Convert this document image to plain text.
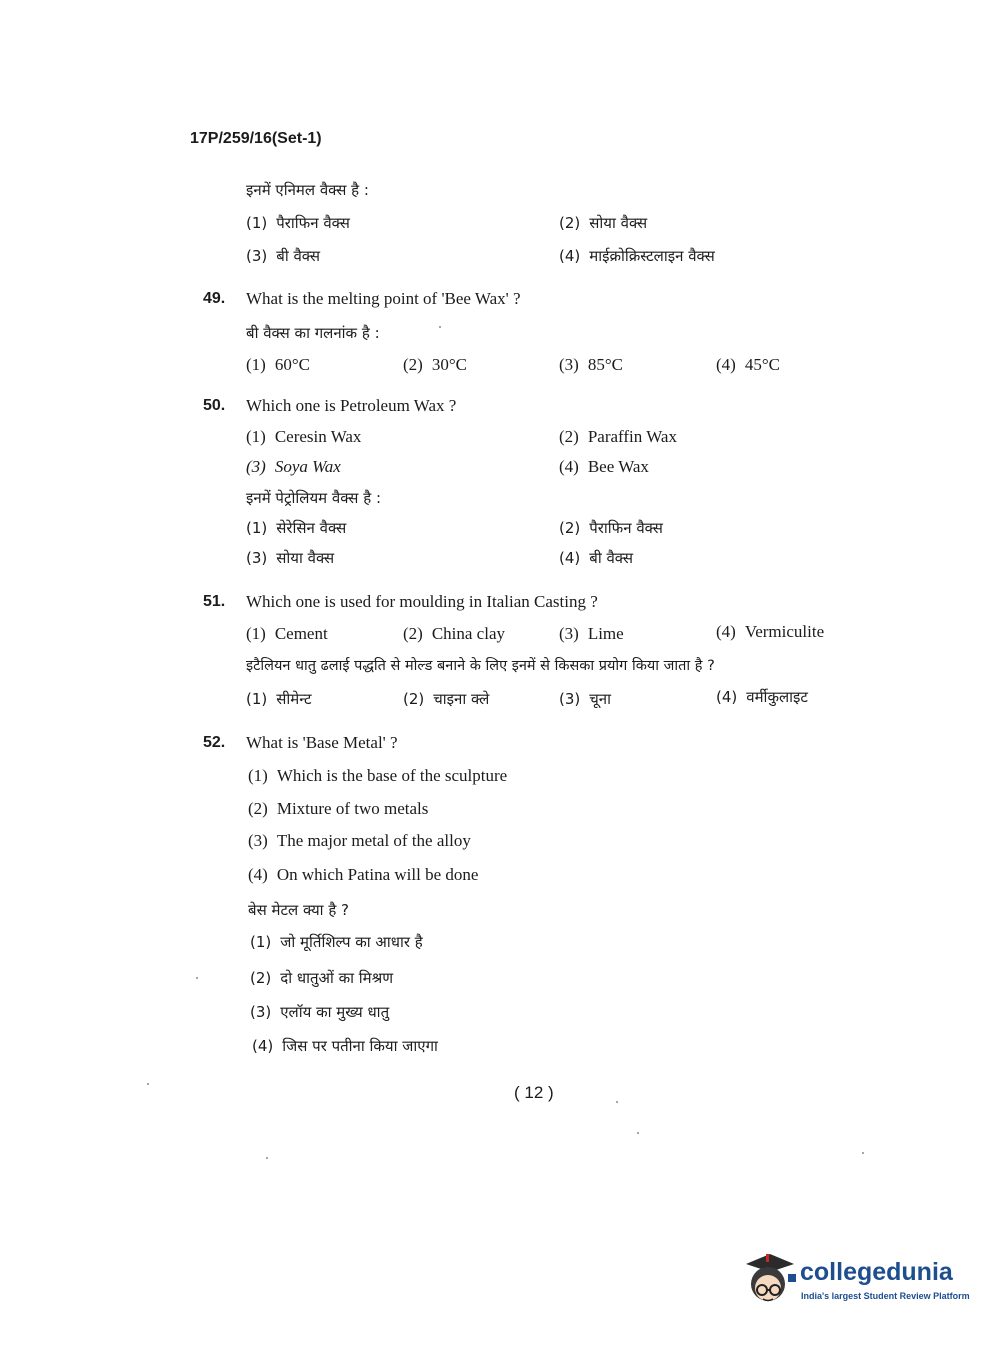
17P/259/16(Set-1)
इनमें एनिमल वैक्स है :
(1) पैराफिन वैक्स	(2) सोया वैक्स
(3) बी वैक्स	(4) माईक्रोक्रिस्टलाइन वैक्स
49. What is the melting point of 'Bee Wax' ?
बी वैक्स का गलनांक है :
(1) 60°C	(2) 30°C	(3) 85°C	(4) 45°C
50. Which one is Petroleum Wax ?
(1) Ceresin Wax	(2) Paraffin Wax
(3) Soya Wax	(4) Bee Wax
इनमें पेट्रोलियम वैक्स है :
(1) सेरेसिन वैक्स	(2) पैराफिन वैक्स
(3) सोया वैक्स	(4) बी वैक्स
51. Which one is used for moulding in Italian Casting ?
(1) Cement	(2) China clay	(3) Lime	(4) Vermiculite
इटैलियन धातु ढलाई पद्धति से मोल्ड बनाने के लिए इनमें से किसका प्रयोग किया जाता है ?
(1) सीमेन्ट	(2) चाइना क्ले	(3) चूना	(4) वर्मीकुलाइट
52. What is 'Base Metal' ?
(1) Which is the base of the sculpture
(2) Mixture of two metals
(3) The major metal of the alloy
(4) On which Patina will be done
बेस मेटल क्या है ?
(1) जो मूर्तिशिल्प का आधार है
(2) दो धातुओं का मिश्रण
(3) एलॉय का मुख्य धातु
(4) जिस पर पतीना किया जाएगा
( 12 )
collegedunia
India's largest Student Review Platform
